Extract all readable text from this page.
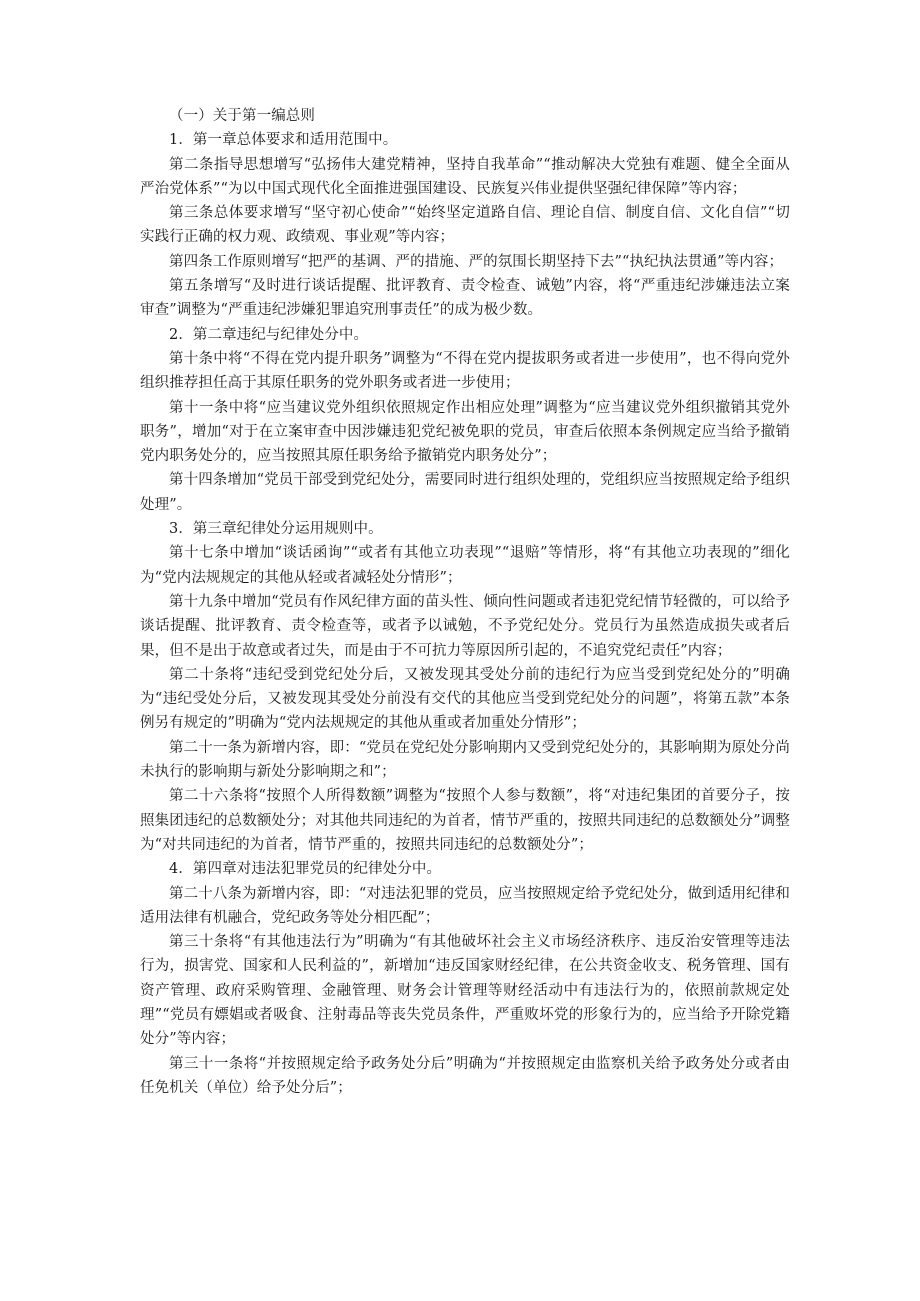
（一）关于第一编总则

1．第一章总体要求和适用范围中。

第二条指导思想增写“弘扬伟大建党精神，坚持自我革命”“推动解决大党独有难题、健全全面从严治党体系”“为以中国式现代化全面推进强国建设、民族复兴伟业提供坚强纪律保障”等内容；

第三条总体要求增写“坚守初心使命”“始终坚定道路自信、理论自信、制度自信、文化自信”“切实践行正确的权力观、政绩观、事业观”等内容；

第四条工作原则增写“把严的基调、严的措施、严的氛围长期坚持下去”“执纪执法贯通”等内容；

第五条增写“及时进行谈话提醒、批评教育、责令检查、诫勉”内容，将“严重违纪涉嫌违法立案审查”调整为“严重违纪涉嫌犯罪追究刑事责任”的成为极少数。

2．第二章违纪与纪律处分中。

第十条中将“不得在党内提升职务”调整为“不得在党内提拔职务或者进一步使用”，也不得向党外组织推荐担任高于其原任职务的党外职务或者进一步使用；

第十一条中将“应当建议党外组织依照规定作出相应处理”调整为“应当建议党外组织撤销其党外职务”，增加“对于在立案审查中因涉嫌违犯党纪被免职的党员，审查后依照本条例规定应当给予撤销党内职务处分的，应当按照其原任职务给予撤销党内职务处分”；

第十四条增加“党员干部受到党纪处分，需要同时进行组织处理的，党组织应当按照规定给予组织处理”。

3．第三章纪律处分运用规则中。

第十七条中增加“谈话函询”“或者有其他立功表现”“退赔”等情形，将“有其他立功表现的”细化为“党内法规规定的其他从轻或者减轻处分情形”；

第十九条中增加“党员有作风纪律方面的苗头性、倾向性问题或者违犯党纪情节轻微的，可以给予谈话提醒、批评教育、责令检查等，或者予以诫勉，不予党纪处分。党员行为虽然造成损失或者后果，但不是出于故意或者过失，而是由于不可抗力等原因所引起的，不追究党纪责任”内容；

第二十条将“违纪受到党纪处分后，又被发现其受处分前的违纪行为应当受到党纪处分的”明确为“违纪受处分后，又被发现其受处分前没有交代的其他应当受到党纪处分的问题”，将第五款”本条例另有规定的”明确为“党内法规规定的其他从重或者加重处分情形”；

第二十一条为新增内容，即：“党员在党纪处分影响期内又受到党纪处分的，其影响期为原处分尚未执行的影响期与新处分影响期之和”；

第二十六条将“按照个人所得数额”调整为“按照个人参与数额”，将“对违纪集团的首要分子，按照集团违纪的总数额处分；对其他共同违纪的为首者，情节严重的，按照共同违纪的总数额处分”调整为“对共同违纪的为首者，情节严重的，按照共同违纪的总数额处分”；

4．第四章对违法犯罪党员的纪律处分中。

第二十八条为新增内容，即：“对违法犯罪的党员，应当按照规定给予党纪处分，做到适用纪律和适用法律有机融合，党纪政务等处分相匹配”；

第三十条将“有其他违法行为”明确为“有其他破坏社会主义市场经济秩序、违反治安管理等违法行为，损害党、国家和人民利益的”，新增加“违反国家财经纪律，在公共资金收支、税务管理、国有资产管理、政府采购管理、金融管理、财务会计管理等财经活动中有违法行为的，依照前款规定处理”“党员有嫖娼或者吸食、注射毒品等丧失党员条件，严重败坏党的形象行为的，应当给予开除党籍处分”等内容；

第三十一条将“并按照规定给予政务处分后”明确为“并按照规定由监察机关给予政务处分或者由任免机关（单位）给予处分后”；
